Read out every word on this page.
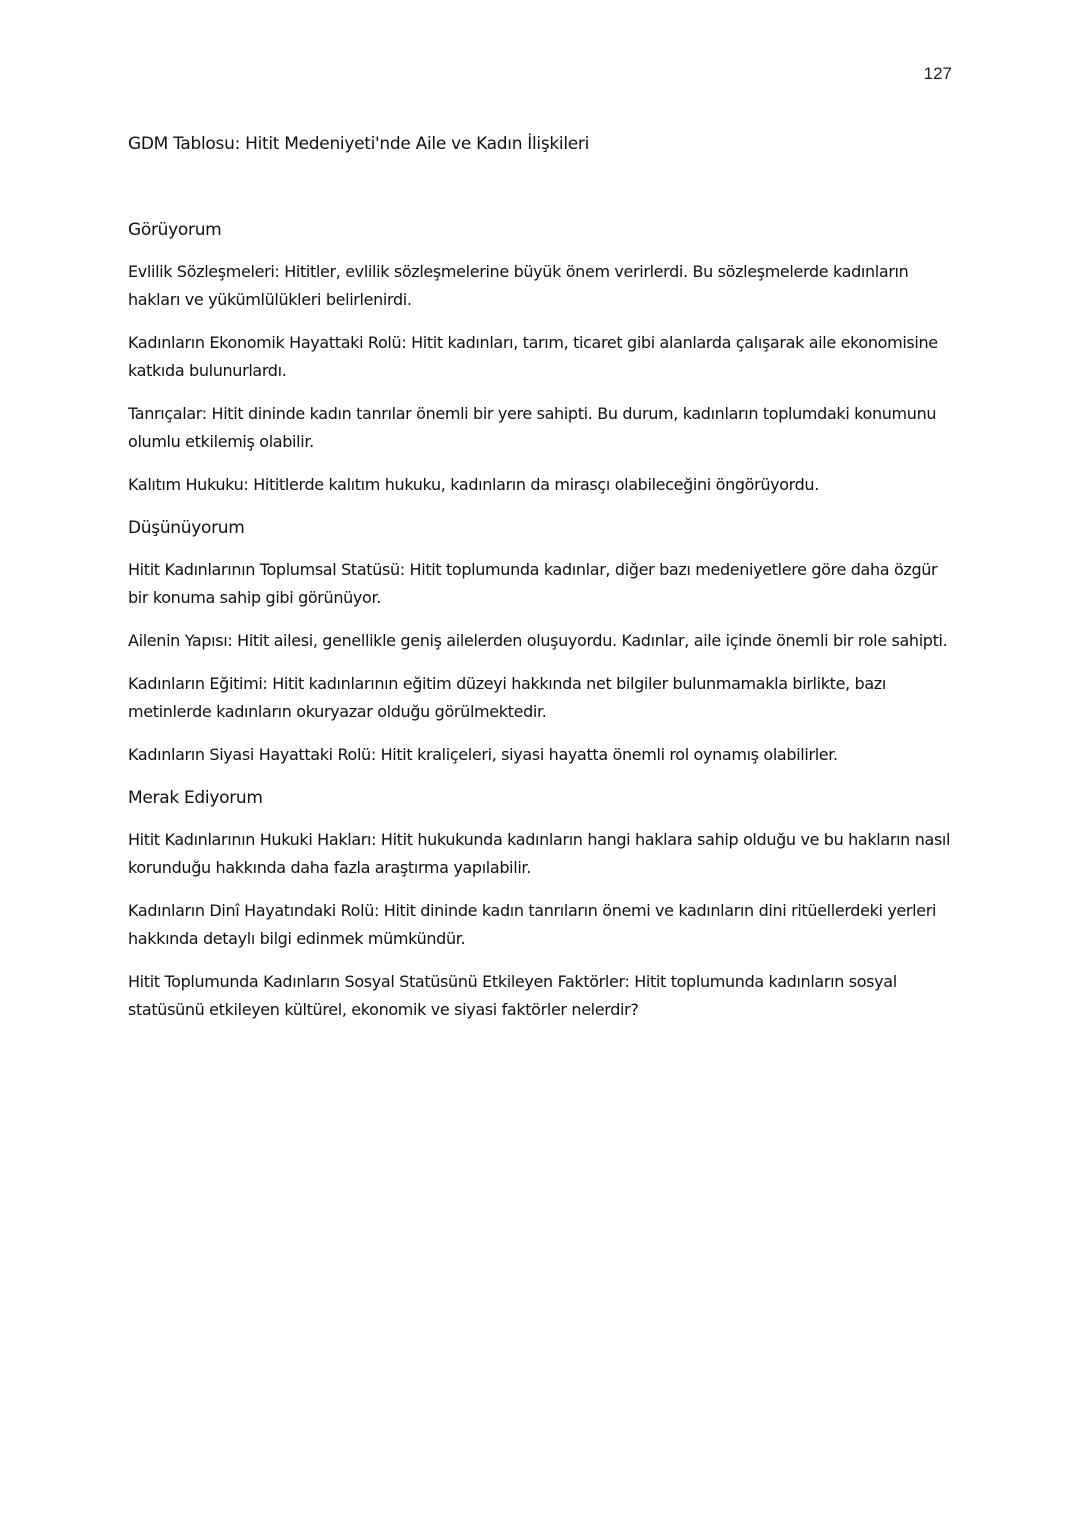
127
GDM Tablosu: Hitit Medeniyeti'nde Aile ve Kadın İlişkileri
Görüyorum

Evlilik Sözleşmeleri: Hititler, evlilik sözleşmelerine büyük önem verirlerdi. Bu sözleşmelerde kadınların hakları ve yükümlülükleri belirlenirdi.

Kadınların Ekonomik Hayattaki Rolü: Hitit kadınları, tarım, ticaret gibi alanlarda çalışarak aile ekonomisine katkıda bulunurlardı.

Tanrıçalar: Hitit dininde kadın tanrılar önemli bir yere sahipti. Bu durum, kadınların toplumdaki konumunu olumlu etkilemiş olabilir.

Kalıtım Hukuku: Hititlerde kalıtım hukuku, kadınların da mirasçı olabileceğini öngörüyordu.

Düşünüyorum

Hitit Kadınlarının Toplumsal Statüsü: Hitit toplumunda kadınlar, diğer bazı medeniyetlere göre daha özgür bir konuma sahip gibi görünüyor.

Ailenin Yapısı: Hitit ailesi, genellikle geniş ailelerden oluşuyordu. Kadınlar, aile içinde önemli bir role sahipti.

Kadınların Eğitimi: Hitit kadınlarının eğitim düzeyi hakkında net bilgiler bulunmamakla birlikte, bazı metinlerde kadınların okuryazar olduğu görülmektedir.

Kadınların Siyasi Hayattaki Rolü: Hitit kraliçeleri, siyasi hayatta önemli rol oynamış olabilirler.

Merak Ediyorum

Hitit Kadınlarının Hukuki Hakları: Hitit hukukunda kadınların hangi haklara sahip olduğu ve bu hakların nasıl korunduğu hakkında daha fazla araştırma yapılabilir.

Kadınların Dinî Hayatındaki Rolü: Hitit dininde kadın tanrıların önemi ve kadınların dini ritüellerdeki yerleri hakkında detaylı bilgi edinmek mümkündür.

Hitit Toplumunda Kadınların Sosyal Statüsünü Etkileyen Faktörler: Hitit toplumunda kadınların sosyal statüsünü etkileyen kültürel, ekonomik ve siyasi faktörler nelerdir?
